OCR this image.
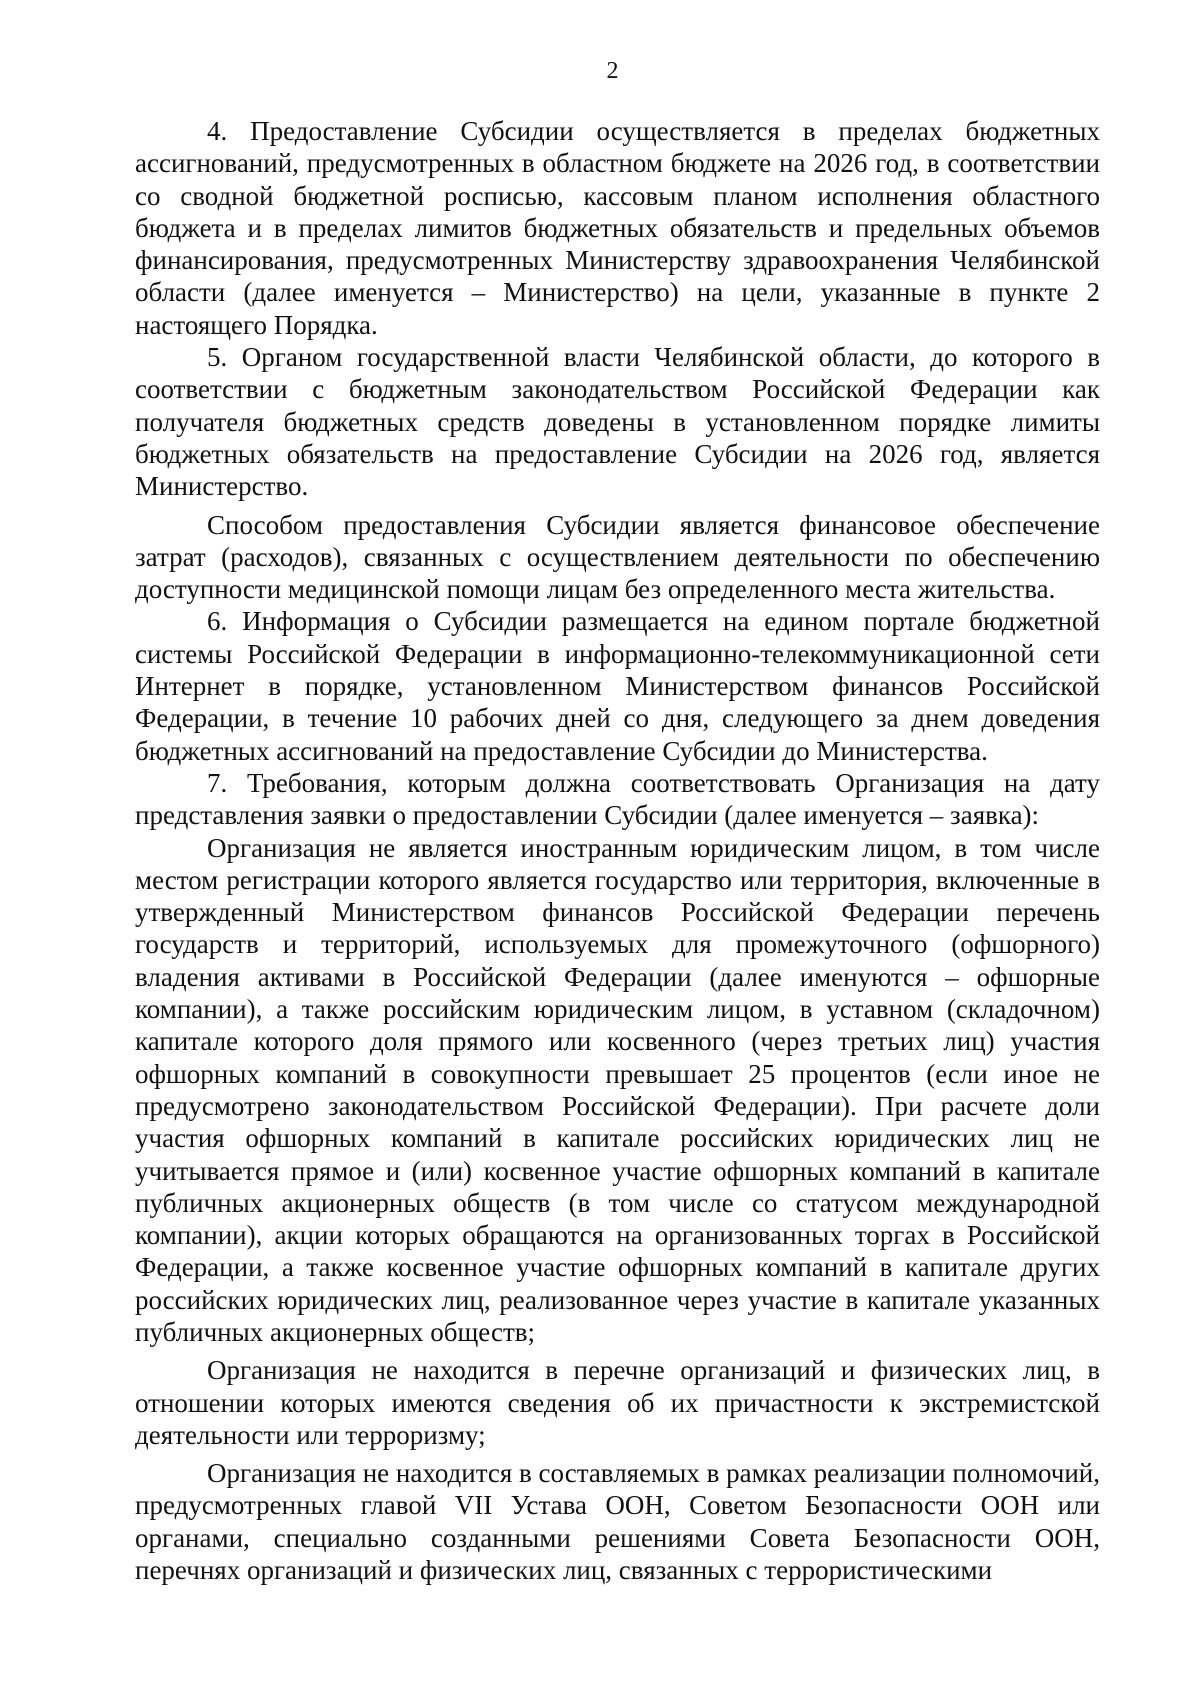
2

4. Предоставление Субсидии осуществляется в пределах бюджетных ассигнований, предусмотренных в областном бюджете на 2026 год, в соответствии со сводной бюджетной росписью, кассовым планом исполнения областного бюджета и в пределах лимитов бюджетных обязательств и предельных объемов финансирования, предусмотренных Министерству здравоохранения Челябинской области (далее именуется – Министерство) на цели, указанные в пункте 2 настоящего Порядка.

5. Органом государственной власти Челябинской области, до которого в соответствии с бюджетным законодательством Российской Федерации как получателя бюджетных средств доведены в установленном порядке лимиты бюджетных обязательств на предоставление Субсидии на 2026 год, является Министерство.

Способом предоставления Субсидии является финансовое обеспечение затрат (расходов), связанных с осуществлением деятельности по обеспечению доступности медицинской помощи лицам без определенного места жительства.

6. Информация о Субсидии размещается на едином портале бюджетной системы Российской Федерации в информационно-телекоммуникационной сети Интернет в порядке, установленном Министерством финансов Российской Федерации, в течение 10 рабочих дней со дня, следующего за днем доведения бюджетных ассигнований на предоставление Субсидии до Министерства.

7. Требования, которым должна соответствовать Организация на дату представления заявки о предоставлении Субсидии (далее именуется – заявка):

Организация не является иностранным юридическим лицом, в том числе местом регистрации которого является государство или территория, включенные в утвержденный Министерством финансов Российской Федерации перечень государств и территорий, используемых для промежуточного (офшорного) владения активами в Российской Федерации (далее именуются – офшорные компании), а также российским юридическим лицом, в уставном (складочном) капитале которого доля прямого или косвенного (через третьих лиц) участия офшорных компаний в совокупности превышает 25 процентов (если иное не предусмотрено законодательством Российской Федерации). При расчете доли участия офшорных компаний в капитале российских юридических лиц не учитывается прямое и (или) косвенное участие офшорных компаний в капитале публичных акционерных обществ (в том числе со статусом международной компании), акции которых обращаются на организованных торгах в Российской Федерации, а также косвенное участие офшорных компаний в капитале других российских юридических лиц, реализованное через участие в капитале указанных публичных акционерных обществ;

Организация не находится в перечне организаций и физических лиц, в отношении которых имеются сведения об их причастности к экстремистской деятельности или терроризму;

Организация не находится в составляемых в рамках реализации полномочий, предусмотренных главой VII Устава ООН, Советом Безопасности ООН или органами, специально созданными решениями Совета Безопасности ООН, перечнях организаций и физических лиц, связанных с террористическими
